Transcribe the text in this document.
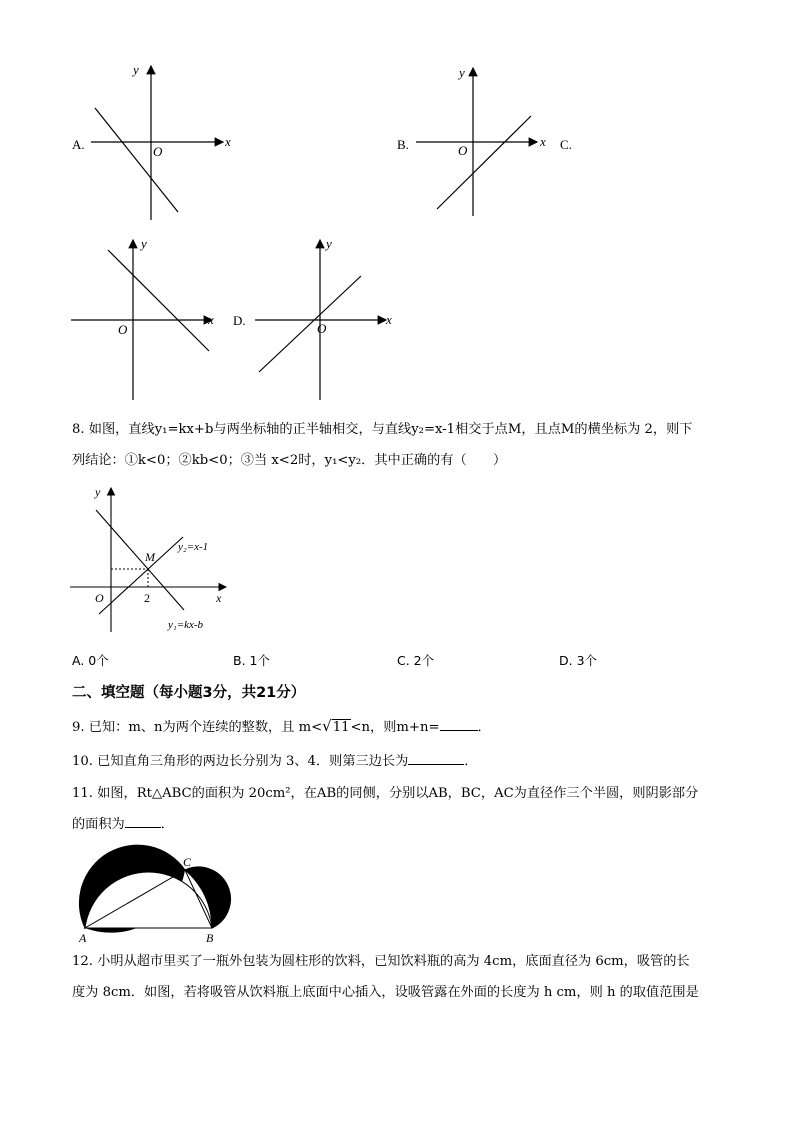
A.	x
y
O	B.	x
y
O	C.
x
y
O
D.	x
y
O
8. 如图，直线y₁=kx+b与两坐标轴的正半轴相交，与直线y₂=x-1相交于点M，且点M的横坐标为 2，则下
列结论：①k<0；②kb<0；③当 x<2时，y₁<y₂．其中正确的有（　　）
y
x
O	2
M
y₂=x-1
y₁=kx-b
A. 0个	B. 1个	C. 2个	D. 3个
二、填空题（每小题3分，共21分）
9. 已知：m、n为两个连续的整数，且 m<√11<n，则m+n=	．
10. 已知直角三角形的两边长分别为 3、4．则第三边长为	．
11. 如图，Rt△ABC的面积为 20cm²，在AB的同侧，分别以AB，BC，AC为直径作三个半圆，则阴影部分
的面积为	．
A	B
C
12. 小明从超市里买了一瓶外包装为圆柱形的饮料，已知饮料瓶的高为 4cm，底面直径为 6cm，吸管的长
度为 8cm．如图，若将吸管从饮料瓶上底面中心插入，设吸管露在外面的长度为 h cm，则 h 的取值范围是
